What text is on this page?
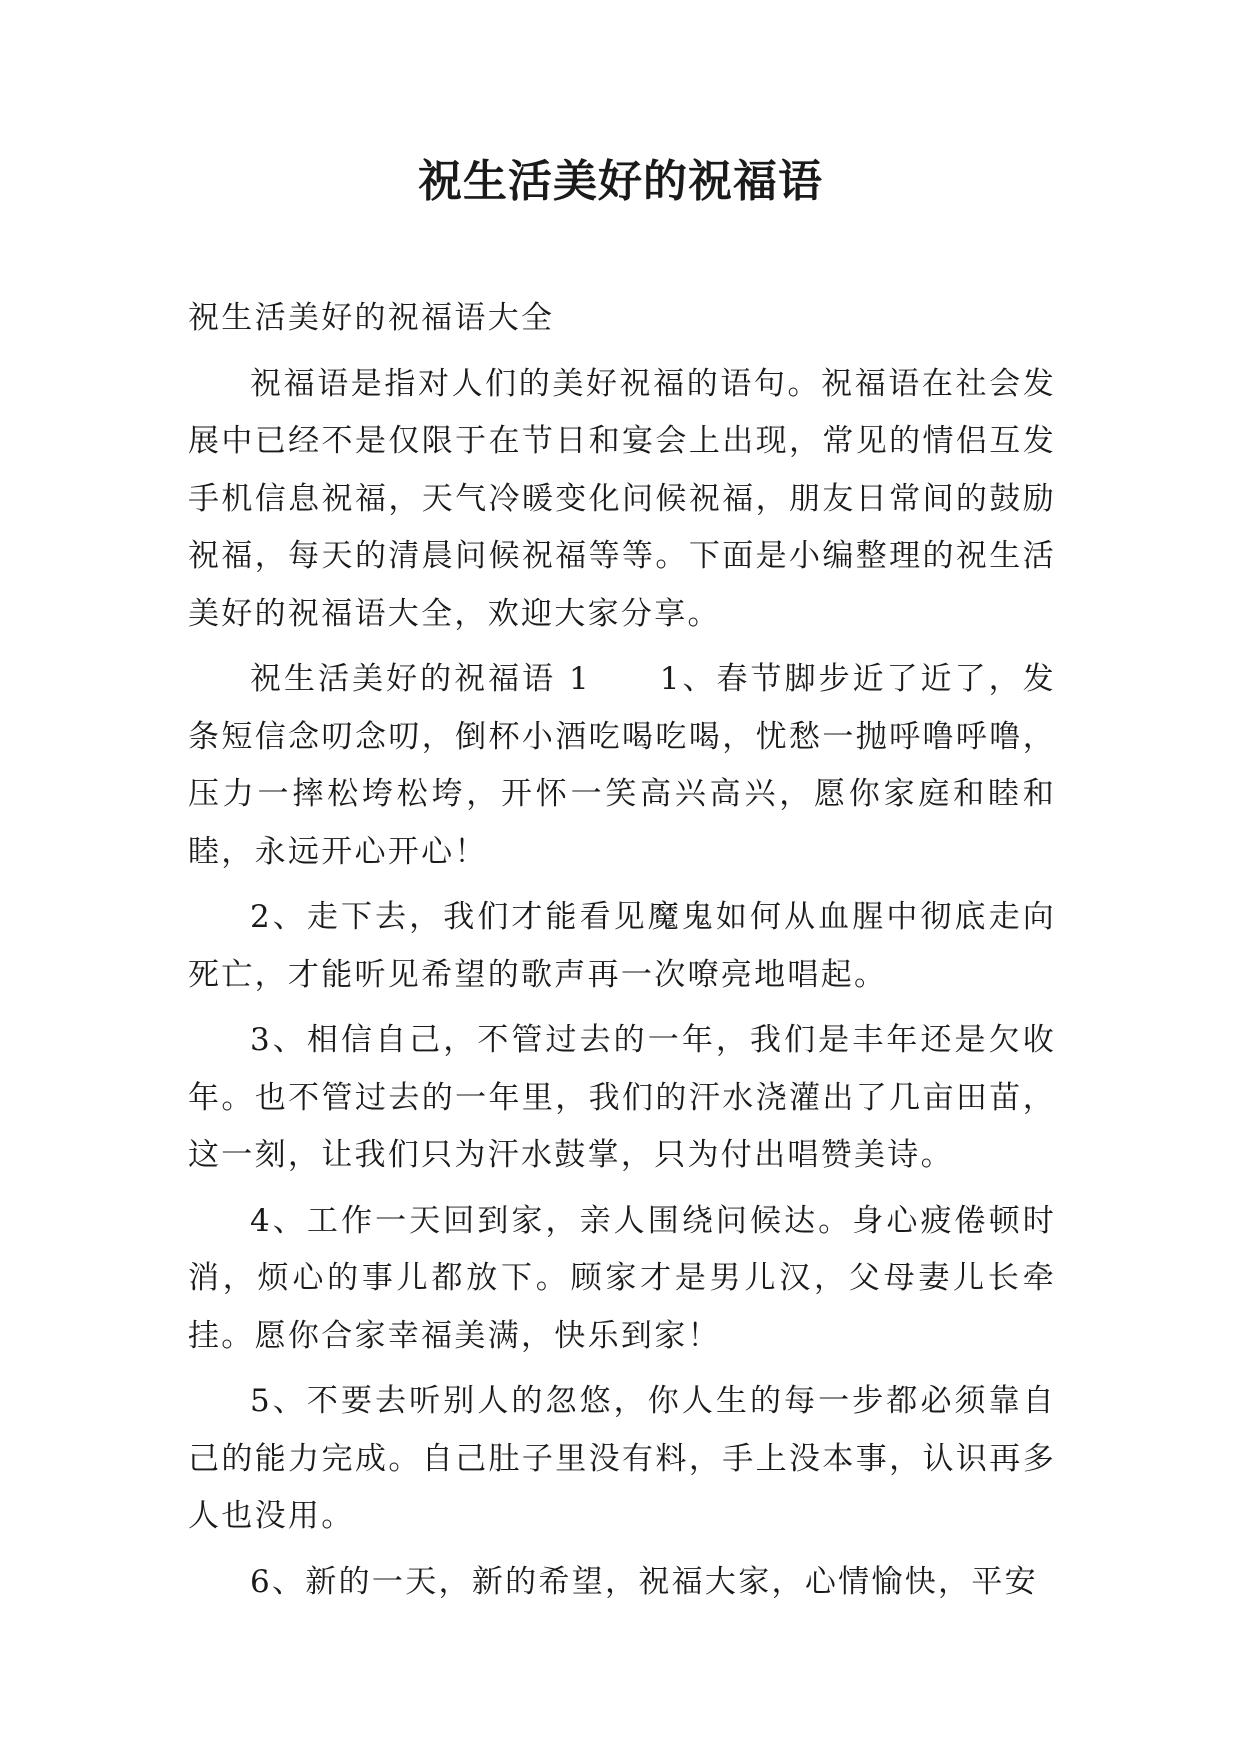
祝生活美好的祝福语

祝生活美好的祝福语大全

祝福语是指对人们的美好祝福的语句。祝福语在社会发展中已经不是仅限于在节日和宴会上出现，常见的情侣互发手机信息祝福，天气冷暖变化问候祝福，朋友日常间的鼓励祝福，每天的清晨问候祝福等等。下面是小编整理的祝生活美好的祝福语大全，欢迎大家分享。

祝生活美好的祝福语 1　　1、春节脚步近了近了，发条短信念叨念叨，倒杯小酒吃喝吃喝，忧愁一抛呼噜呼噜，压力一摔松垮松垮，开怀一笑高兴高兴，愿你家庭和睦和睦，永远开心开心！

2、走下去，我们才能看见魔鬼如何从血腥中彻底走向死亡，才能听见希望的歌声再一次嘹亮地唱起。

3、相信自己，不管过去的一年，我们是丰年还是欠收年。也不管过去的一年里，我们的汗水浇灌出了几亩田苗，这一刻，让我们只为汗水鼓掌，只为付出唱赞美诗。

4、工作一天回到家，亲人围绕问候达。身心疲倦顿时消，烦心的事儿都放下。顾家才是男儿汉，父母妻儿长牵挂。愿你合家幸福美满，快乐到家！

5、不要去听别人的忽悠，你人生的每一步都必须靠自己的能力完成。自己肚子里没有料，手上没本事，认识再多人也没用。

6、新的一天，新的希望，祝福大家，心情愉快，平安
